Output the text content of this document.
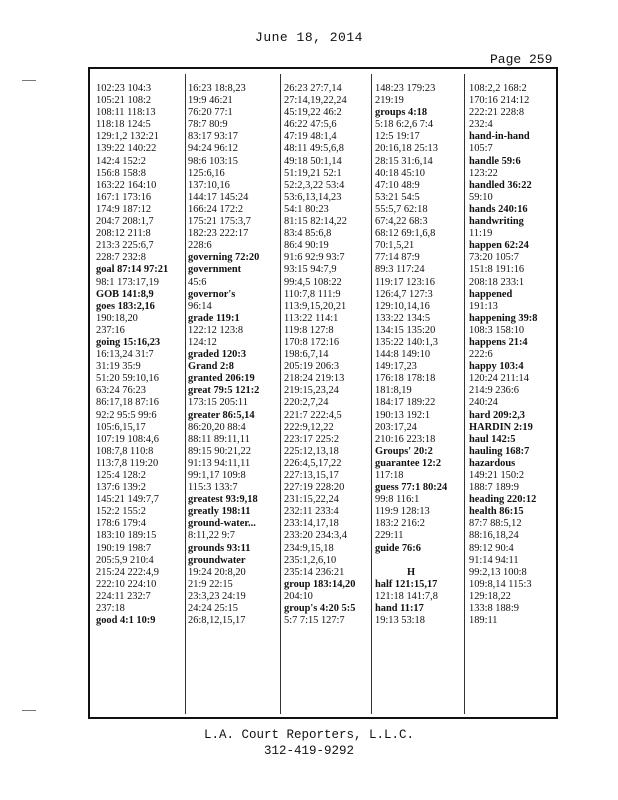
June 18, 2014
Page 259
102:23 104:3
105:21 108:2
108:11 118:13
118:18 124:5
129:1,2 132:21
139:22 140:22
142:4 152:2
156:8 158:8
163:22 164:10
167:1 173:16
174:9 187:12
204:7 208:1,7
208:12 211:8
213:3 225:6,7
228:7 232:8
goal 87:14 97:21
98:1 173:17,19
GOB 141:8,9
goes 183:2,16
190:18,20
237:16
going 15:16,23
16:13,24 31:7
31:19 35:9
51:20 59:10,16
63:24 76:23
86:17,18 87:16
92:2 95:5 99:6
105:6,15,17
107:19 108:4,6
108:7,8 110:8
113:7,8 119:20
125:4 128:2
137:6 139:2
145:21 149:7,7
152:2 155:2
178:6 179:4
183:10 189:15
190:19 198:7
205:5,9 210:4
215:24 222:4,9
222:10 224:10
224:11 232:7
237:18
good 4:1 10:9
16:23 18:8,23
19:9 46:21
76:20 77:1
78:7 80:9
83:17 93:17
94:24 96:12
98:6 103:15
125:6,16
137:10,16
144:17 145:24
166:24 172:2
175:21 175:3,7
182:23 222:17
228:6
governing 72:20
government
45:6
governor's
96:14
grade 119:1
122:12 123:8
124:12
graded 120:3
Grand 2:8
granted 206:19
great 79:5 121:2
173:15 205:11
greater 86:5,14
86:20,20 88:4
88:11 89:11,11
89:15 90:21,22
91:13 94:11,11
99:1,17 109:8
115:3 133:7
greatest 93:9,18
greatly 198:11
ground-water...
8:11,22 9:7
grounds 93:11
groundwater
19:24 20:8,20
21:9 22:15
23:3,23 24:19
24:24 25:15
26:8,12,15,17
26:23 27:7,14
27:14,19,22,24
45:19,22 46:2
46:22 47:5,6
47:19 48:1,4
48:11 49:5,6,8
49:18 50:1,14
51:19,21 52:1
52:2,3,22 53:4
53:6,13,14,23
54:1 80:23
81:15 82:14,22
83:4 85:6,8
86:4 90:19
91:6 92:9 93:7
93:15 94:7,9
99:4,5 108:22
110:7,8 111:9
113:9,15,20,21
113:22 114:1
119:8 127:8
170:8 172:16
198:6,7,14
205:19 206:3
218:24 219:13
219:15,23,24
220:2,7,24
221:7 222:4,5
222:9,12,22
223:17 225:2
225:12,13,18
226:4,5,17,22
227:13,15,17
227:19 228:20
231:15,22,24
232:11 233:4
233:14,17,18
233:20 234:3,4
234:9,15,18
235:1,2,6,10
235:14 236:21
group 183:14,20
204:10
group's 4:20 5:5
5:7 7:15 127:7
148:23 179:23
219:19
groups 4:18
5:18 6:2,6 7:4
12:5 19:17
20:16,18 25:13
28:15 31:6,14
40:18 45:10
47:10 48:9
53:21 54:5
55:5,7 62:18
67:4,22 68:3
68:12 69:1,6,8
70:1,5,21
77:14 87:9
89:3 117:24
119:17 123:16
126:4,7 127:3
129:10,14,16
133:22 134:5
134:15 135:20
135:22 140:1,3
144:8 149:10
149:17,23
176:18 178:18
181:8,19
184:17 189:22
190:13 192:1
203:17,24
210:16 223:18
Groups' 20:2
guarantee 12:2
117:18
guess 77:1 80:24
99:8 116:1
119:9 128:13
183:2 216:2
229:11
guide 76:6
H
half 121:15,17
121:18 141:7,8
hand 11:17
19:13 53:18
108:2,2 168:2
170:16 214:12
222:21 228:8
232:4
hand-in-hand
105:7
handle 59:6
123:22
handled 36:22
59:10
hands 240:16
handwriting
11:19
happen 62:24
73:20 105:7
151:8 191:16
208:18 233:1
happened
191:13
happening 39:8
108:3 158:10
happens 21:4
222:6
happy 103:4
120:24 211:14
214:9 236:6
240:24
hard 209:2,3
HARDIN 2:19
haul 142:5
hauling 168:7
hazardous
149:21 150:2
188:7 189:9
heading 220:12
health 86:15
87:7 88:5,12
88:16,18,24
89:12 90:4
91:14 94:11
99:2,13 100:8
109:8,14 115:3
129:18,22
133:8 188:9
189:11
L.A. Court Reporters, L.L.C.
312-419-9292
